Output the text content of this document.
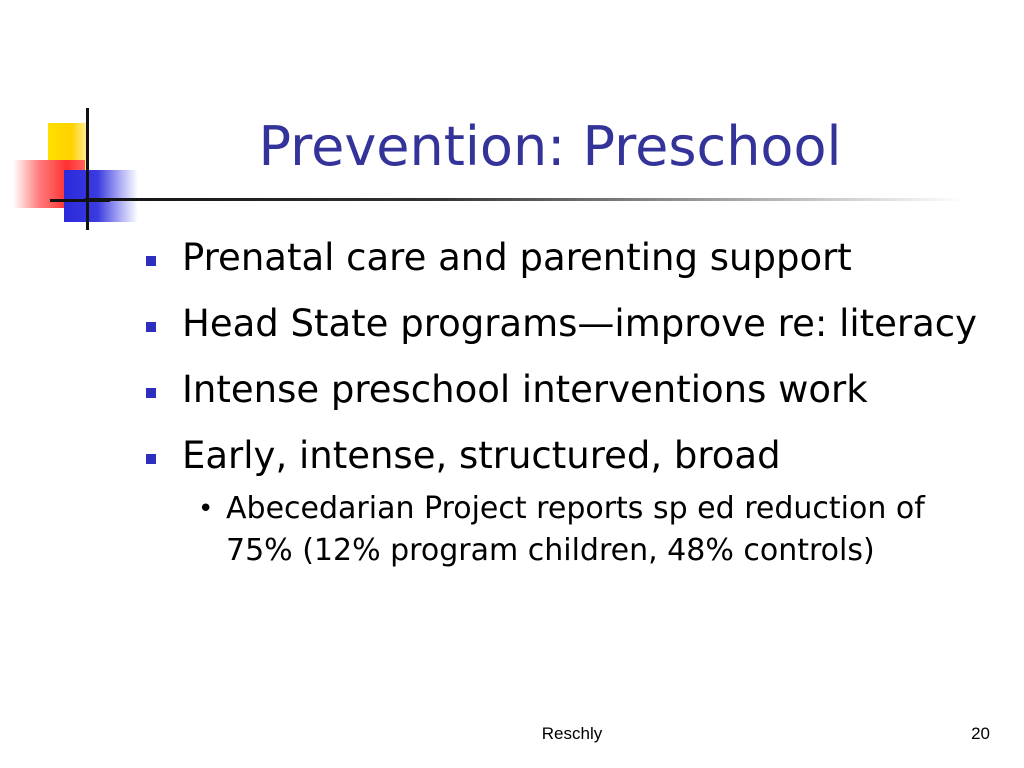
Prevention: Preschool
Prenatal care and parenting support
Head State programs—improve re: literacy
Intense preschool interventions work
Early, intense, structured, broad
• Abecedarian Project reports sp ed reduction of 75% (12% program children, 48% controls)
Reschly	20
